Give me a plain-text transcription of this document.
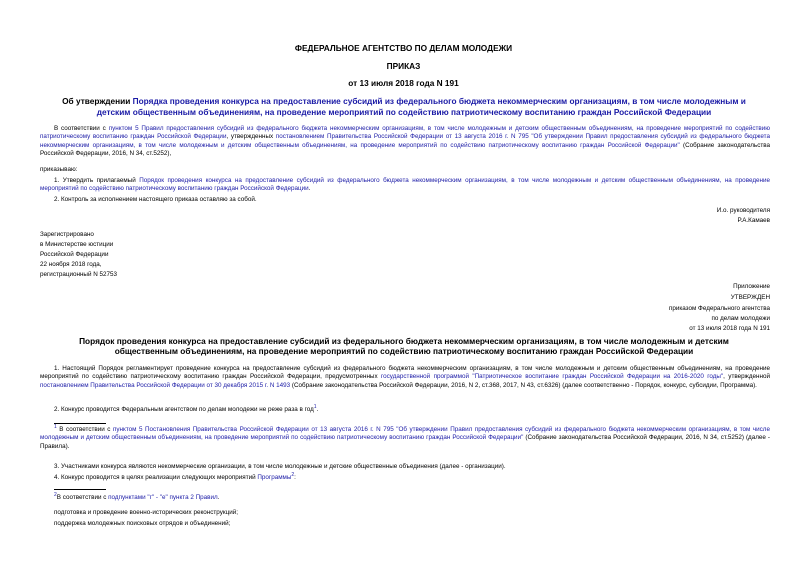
ФЕДЕРАЛЬНОЕ АГЕНТСТВО ПО ДЕЛАМ МОЛОДЕЖИ
ПРИКАЗ
от 13 июля 2018 года N 191
Об утверждении Порядка проведения конкурса на предоставление субсидий из федерального бюджета некоммерческим организациям, в том числе молодежным и
детским общественным объединениям, на проведение мероприятий по содействию патриотическому воспитанию граждан Российской Федерации
В соответствии с пунктом 5 Правил предоставления субсидий из федерального бюджета некоммерческим организациям, в том числе молодежным и детским общественным объединениям, на проведение мероприятий по содействию патриотическому воспитанию граждан Российской Федерации, утвержденных постановлением Правительства Российской Федерации от 13 августа 2016 г. N 795 "Об утверждении Правил предоставления субсидий из федерального бюджета некоммерческим организациям, в том числе молодежным и детским общественным объединениям, на проведение мероприятий по содействию патриотическому воспитанию граждан Российской Федерации" (Собрание законодательства Российской Федерации, 2016, N 34, ст.5252),
приказываю:
1. Утвердить прилагаемый Порядок проведения конкурса на предоставление субсидий из федерального бюджета некоммерческим организациям, в том числе молодежным и детским общественным объединениям, на проведение мероприятий по содействию патриотическому воспитанию граждан Российской Федерации.
2. Контроль за исполнением настоящего приказа оставляю за собой.
И.о. руководителя
Р.А.Камаев
Зарегистрировано
в Министерстве юстиции
Российской Федерации
22 ноября 2018 года,
регистрационный N 52753
Приложение
УТВЕРЖДЕН
приказом Федерального агентства
по делам молодежи
от 13 июля 2018 года N 191
Порядок проведения конкурса на предоставление субсидий из федерального бюджета некоммерческим организациям, в том числе молодежным и детским
общественным объединениям, на проведение мероприятий по содействию патриотическому воспитанию граждан Российской Федерации
1. Настоящий Порядок регламентирует проведение конкурса на предоставление субсидий из федерального бюджета некоммерческим организациям, в том числе молодежным и детским общественным объединениям, на проведение мероприятий по содействию патриотическому воспитанию граждан Российской Федерации, предусмотренных государственной программой "Патриотическое воспитание граждан Российской Федерации на 2016-2020 годы", утвержденной постановлением Правительства Российской Федерации от 30 декабря 2015 г. N 1493 (Собрание законодательства Российской Федерации, 2016, N 2, ст.368, 2017, N 43, ст.6326) (далее соответственно - Порядок, конкурс, субсидии, Программа).
2. Конкурс проводится Федеральным агентством по делам молодежи не реже раза в год$^1$.
$^1$ В соответствии с пунктом 5 Постановления Правительства Российской Федерации от 13 августа 2016 г. N 795 "Об утверждении Правил предоставления субсидий из федерального бюджета некоммерческим организациям, в том числе молодежным и детским общественным объединениям, на проведение мероприятий по содействию патриотическому воспитанию граждан Российской Федерации" (Собрание законодательства Российской Федерации, 2016, N 34, ст.5252) (далее - Правила).
3. Участниками конкурса являются некоммерческие организации, в том числе молодежные и детские общественные объединения (далее - организации).
4. Конкурс проводится в целях реализации следующих мероприятий Программы$^2$:
$^2$В соответствии с подпунктами "г" - "е" пункта 2 Правил.
подготовка и проведение военно-исторических реконструкций;
поддержка молодежных поисковых отрядов и объединений;
